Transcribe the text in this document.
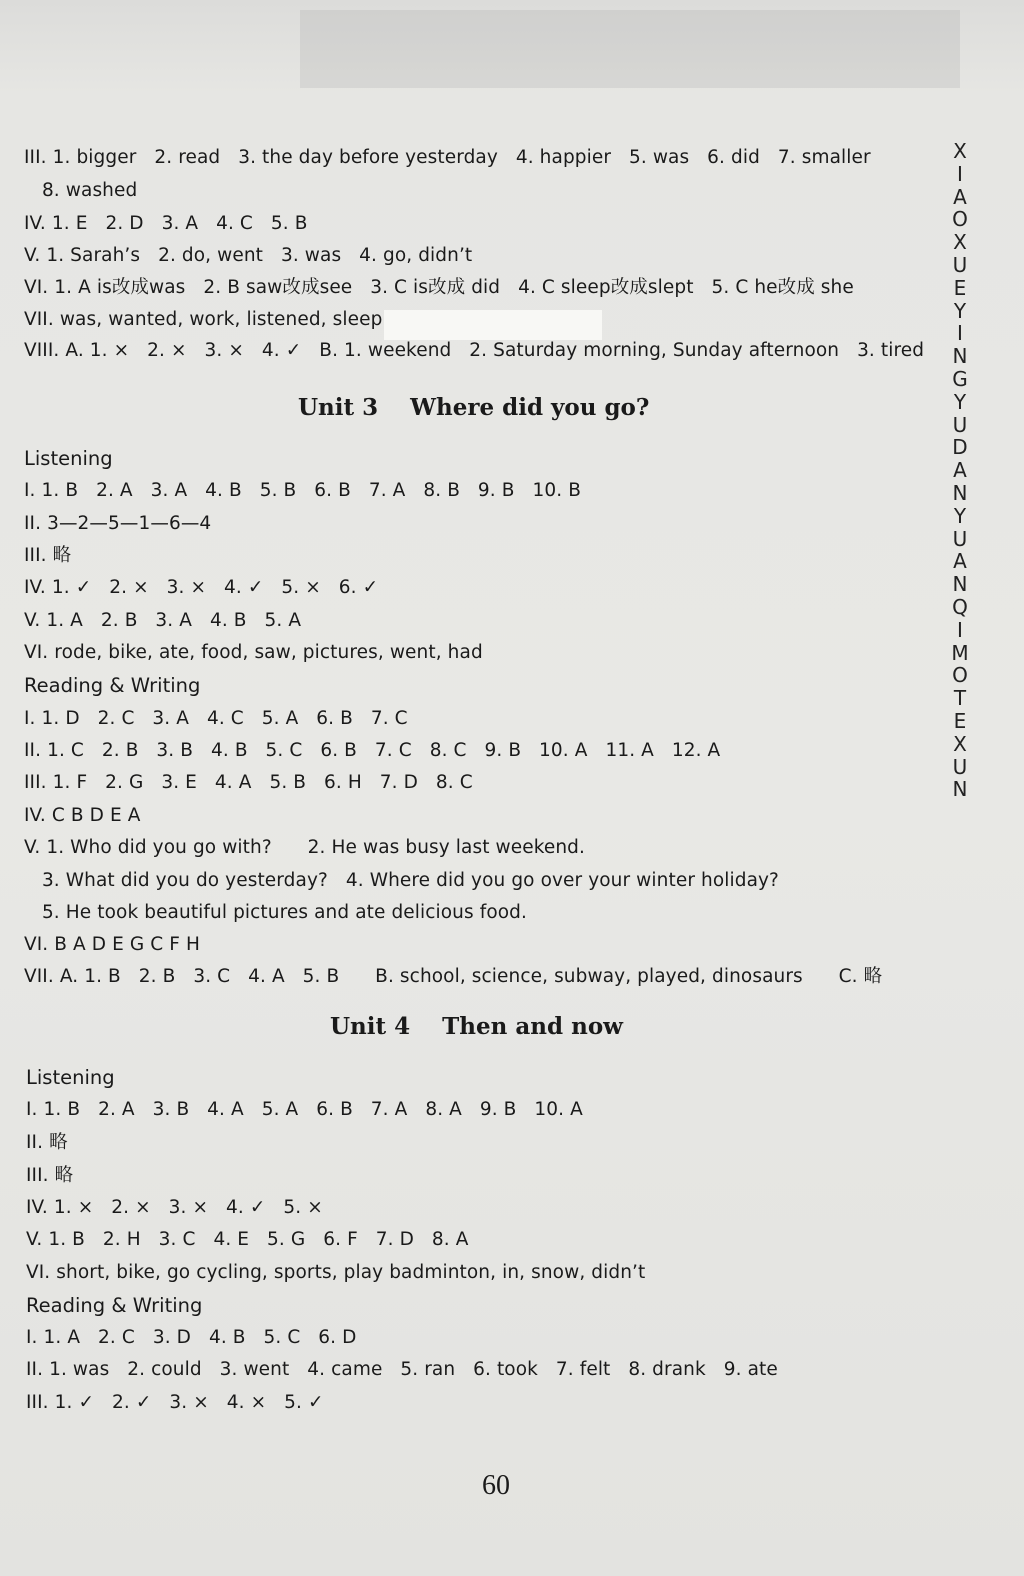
III. 1. bigger   2. read   3. the day before yesterday   4. happier   5. was   6. did   7. smaller
8. washed
IV. 1. E   2. D   3. A   4. C   5. B
V. 1. Sarah’s   2. do, went   3. was   4. go, didn’t
VI. 1. A is改成was   2. B saw改成see   3. C is改成 did   4. C sleep改成slept   5. C he改成 she
VII. was, wanted, work, listened, sleep
VIII. A. 1. ×   2. ×   3. ×   4. ✓   B. 1. weekend   2. Saturday morning, Sunday afternoon   3. tired
Unit 3    Where did you go?
Listening
I. 1. B   2. A   3. A   4. B   5. B   6. B   7. A   8. B   9. B   10. B
II. 3—2—5—1—6—4
III. 略
IV. 1. ✓   2. ×   3. ×   4. ✓   5. ×   6. ✓
V. 1. A   2. B   3. A   4. B   5. A
VI. rode, bike, ate, food, saw, pictures, went, had
Reading & Writing
I. 1. D   2. C   3. A   4. C   5. A   6. B   7. C
II. 1. C   2. B   3. B   4. B   5. C   6. B   7. C   8. C   9. B   10. A   11. A   12. A
III. 1. F   2. G   3. E   4. A   5. B   6. H   7. D   8. C
IV. C B D E A
V. 1. Who did you go with?      2. He was busy last weekend.
3. What did you do yesterday?   4. Where did you go over your winter holiday?
5. He took beautiful pictures and ate delicious food.
VI. B A D E G C F H
VII. A. 1. B   2. B   3. C   4. A   5. B      B. school, science, subway, played, dinosaurs      C. 略
Unit 4    Then and now
Listening
I. 1. B   2. A   3. B   4. A   5. A   6. B   7. A   8. A   9. B   10. A
II. 略
III. 略
IV. 1. ×   2. ×   3. ×   4. ✓   5. ×
V. 1. B   2. H   3. C   4. E   5. G   6. F   7. D   8. A
VI. short, bike, go cycling, sports, play badminton, in, snow, didn’t
Reading & Writing
I. 1. A   2. C   3. D   4. B   5. C   6. D
II. 1. was   2. could   3. went   4. came   5. ran   6. took   7. felt   8. drank   9. ate
III. 1. ✓   2. ✓   3. ×   4. ×   5. ✓
60
X
I
A
O
X
U
E
Y
I
N
G
Y
U
D
A
N
Y
U
A
N
Q
I
M
O
T
E
X
U
N
